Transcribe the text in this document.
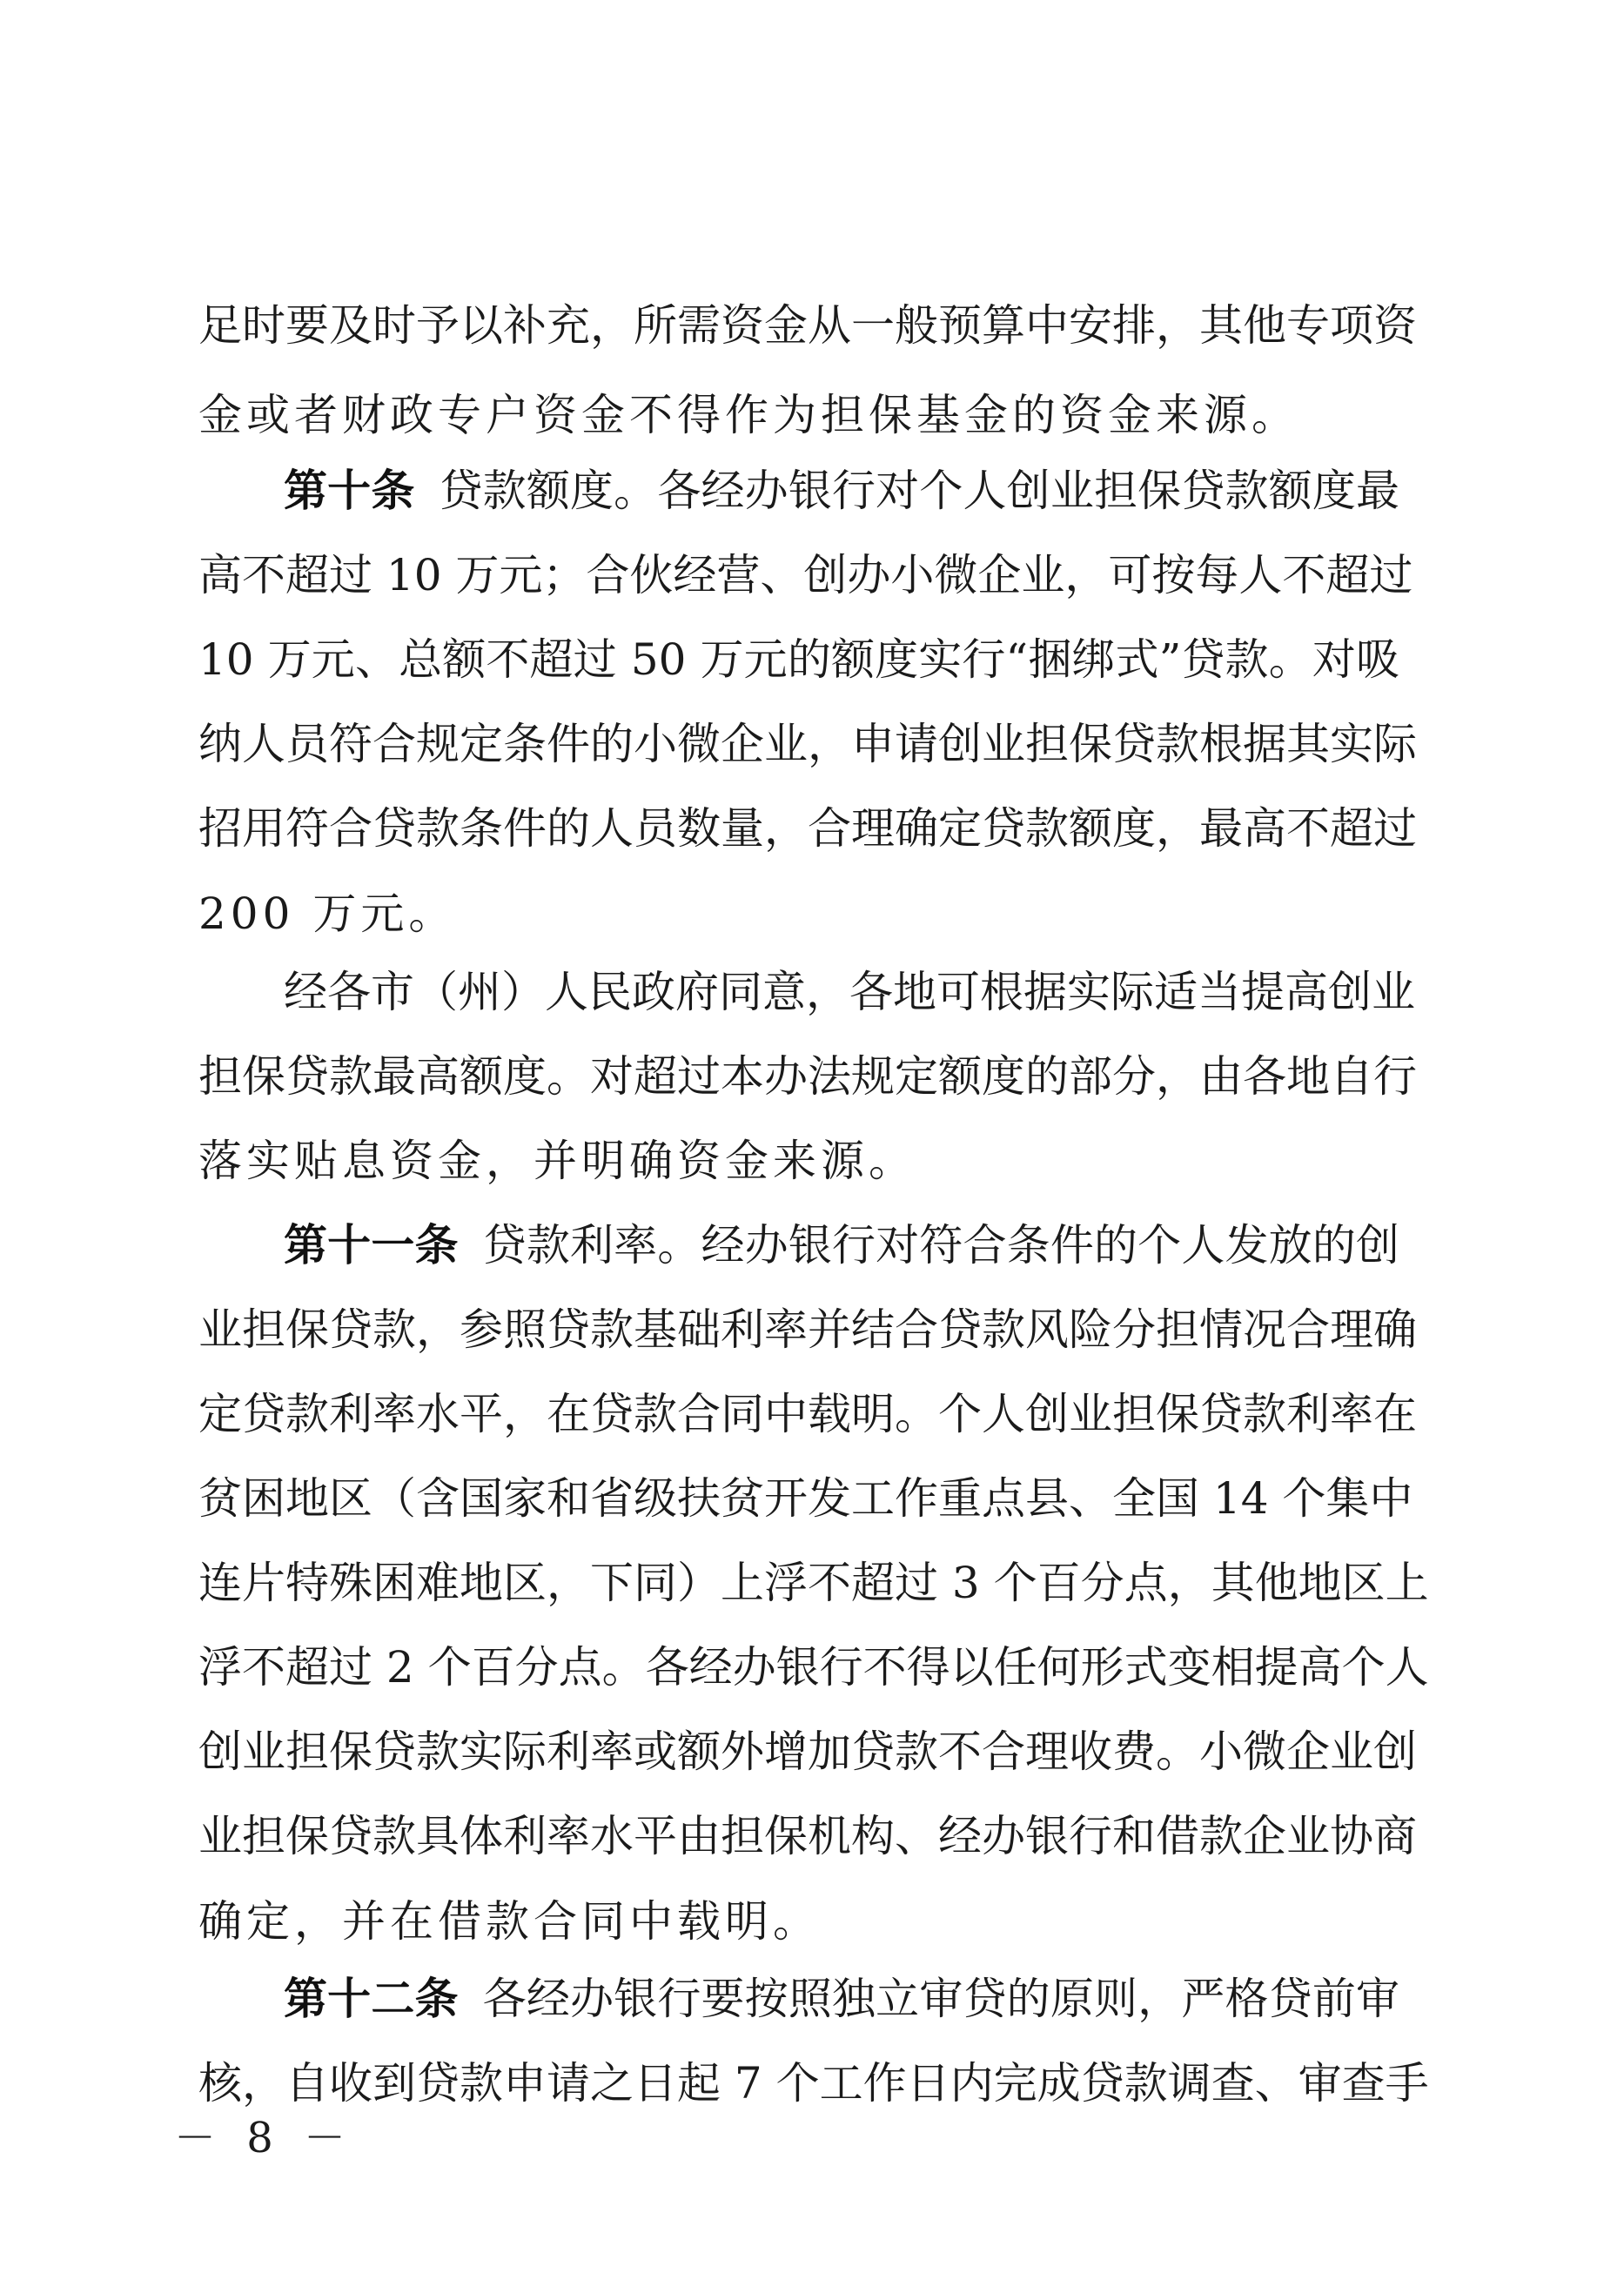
足时要及时予以补充，所需资金从一般预算中安排，其他专项资
金或者财政专户资金不得作为担保基金的资金来源。
第十条 贷款额度。各经办银行对个人创业担保贷款额度最
高不超过 10 万元；合伙经营、创办小微企业，可按每人不超过
10 万元、总额不超过 50 万元的额度实行“捆绑式”贷款。对吸
纳人员符合规定条件的小微企业，申请创业担保贷款根据其实际
招用符合贷款条件的人员数量，合理确定贷款额度，最高不超过
200 万元。
经各市（州）人民政府同意，各地可根据实际适当提高创业
担保贷款最高额度。对超过本办法规定额度的部分，由各地自行
落实贴息资金，并明确资金来源。
第十一条 贷款利率。经办银行对符合条件的个人发放的创
业担保贷款，参照贷款基础利率并结合贷款风险分担情况合理确
定贷款利率水平，在贷款合同中载明。个人创业担保贷款利率在
贫困地区（含国家和省级扶贫开发工作重点县、全国 14 个集中
连片特殊困难地区，下同）上浮不超过 3 个百分点，其他地区上
浮不超过 2 个百分点。各经办银行不得以任何形式变相提高个人
创业担保贷款实际利率或额外增加贷款不合理收费。小微企业创
业担保贷款具体利率水平由担保机构、经办银行和借款企业协商
确定，并在借款合同中载明。
第十二条 各经办银行要按照独立审贷的原则，严格贷前审
核，自收到贷款申请之日起 7 个工作日内完成贷款调查、审查手
－ 8 －
